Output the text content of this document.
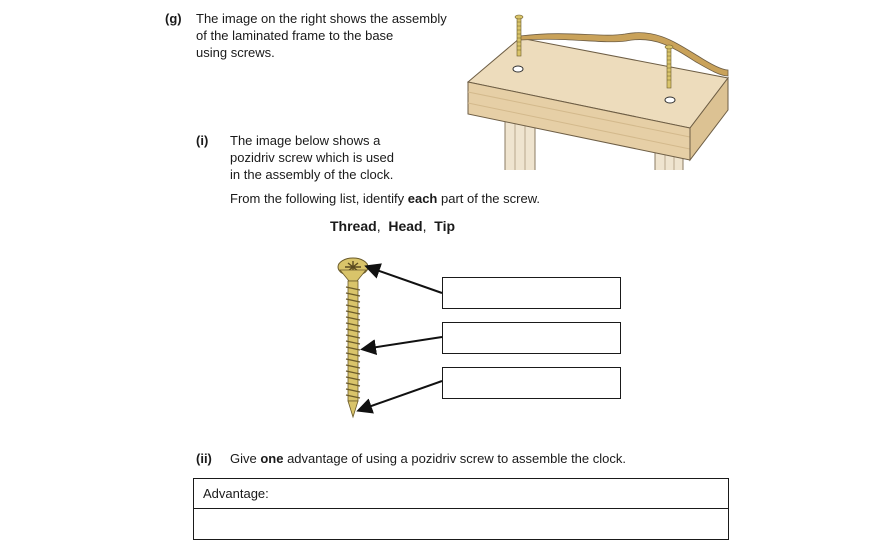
(g) The image on the right shows the assembly
of the laminated frame to the base
using screws.
(i) The image below shows a
pozidriv screw which is used
in the assembly of the clock.
From the following list, identify each part of the screw.
Thread, Head, Tip
(ii) Give one advantage of using a pozidriv screw to assemble the clock.
Advantage:
